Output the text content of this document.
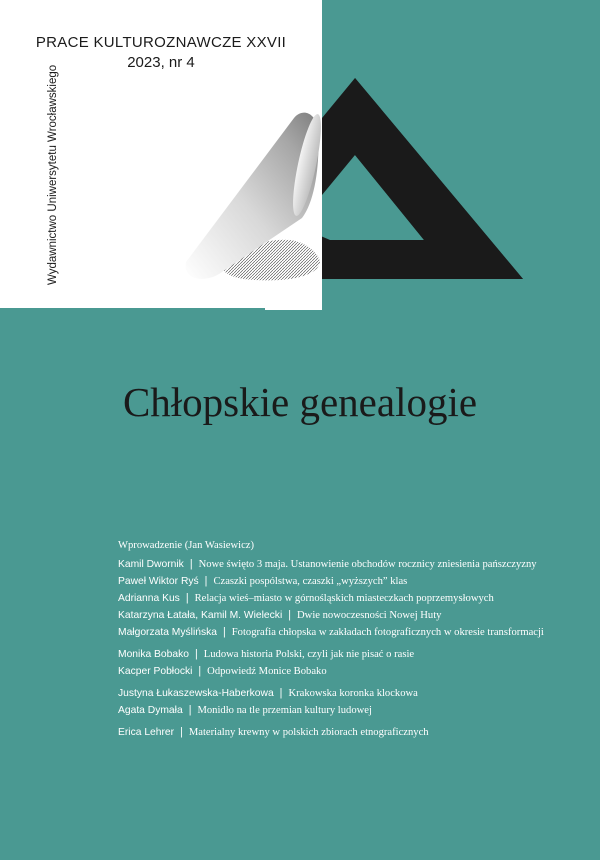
PRACE KULTUROZNAWCZE XXVII
2023, nr 4
Wydawnictwo Uniwersytetu Wrocławskiego
Chłopskie genealogie
Wprowadzenie (Jan Wasiewicz)
Kamil Dwornik | Nowe święto 3 maja. Ustanowienie obchodów rocznicy zniesienia pańszczyzny
Paweł Wiktor Ryś | Czaszki pospólstwa, czaszki „wyższych” klas
Adrianna Kus | Relacja wieś–miasto w górnośląskich miasteczkach poprzemysłowych
Katarzyna Łatała, Kamil M. Wielecki | Dwie nowoczesności Nowej Huty
Małgorzata Myślińska | Fotografia chłopska w zakładach fotograficznych w okresie transformacji
Monika Bobako | Ludowa historia Polski, czyli jak nie pisać o rasie
Kacper Pobłocki | Odpowiedź Monice Bobako
Justyna Łukaszewska-Haberkowa | Krakowska koronka klockowa
Agata Dymała | Monidło na tle przemian kultury ludowej
Erica Lehrer | Materialny krewny w polskich zbiorach etnograficznych
